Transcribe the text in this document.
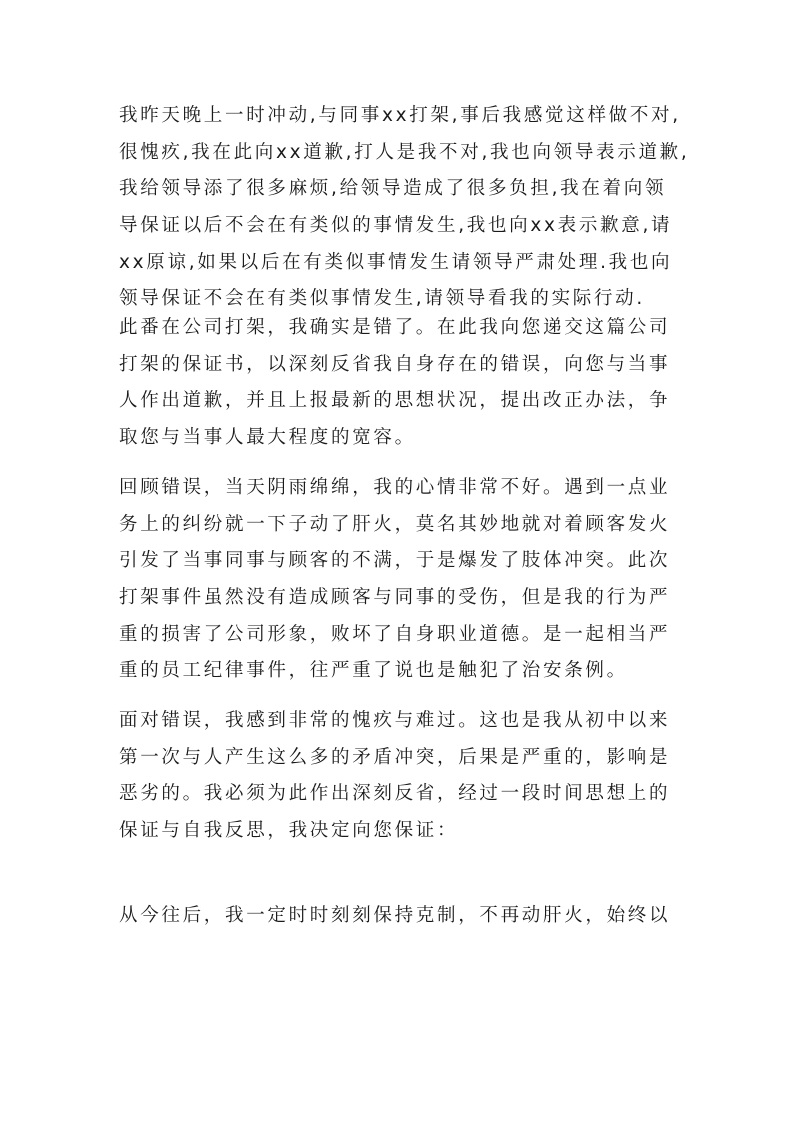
我昨天晚上一时冲动,与同事xx打架,事后我感觉这样做不对,
很愧疚,我在此向xx道歉,打人是我不对,我也向领导表示道歉,
我给领导添了很多麻烦,给领导造成了很多负担,我在着向领
导保证以后不会在有类似的事情发生,我也向xx表示歉意,请
xx原谅,如果以后在有类似事情发生请领导严肃处理.我也向
领导保证不会在有类似事情发生,请领导看我的实际行动.
此番在公司打架，我确实是错了。在此我向您递交这篇公司
打架的保证书，以深刻反省我自身存在的错误，向您与当事
人作出道歉，并且上报最新的思想状况，提出改正办法，争
取您与当事人最大程度的宽容。
回顾错误，当天阴雨绵绵，我的心情非常不好。遇到一点业
务上的纠纷就一下子动了肝火，莫名其妙地就对着顾客发火
引发了当事同事与顾客的不满，于是爆发了肢体冲突。此次
打架事件虽然没有造成顾客与同事的受伤，但是我的行为严
重的损害了公司形象，败坏了自身职业道德。是一起相当严
重的员工纪律事件，往严重了说也是触犯了治安条例。
面对错误，我感到非常的愧疚与难过。这也是我从初中以来
第一次与人产生这么多的矛盾冲突，后果是严重的，影响是
恶劣的。我必须为此作出深刻反省，经过一段时间思想上的
保证与自我反思，我决定向您保证：
从今往后，我一定时时刻刻保持克制，不再动肝火，始终以
